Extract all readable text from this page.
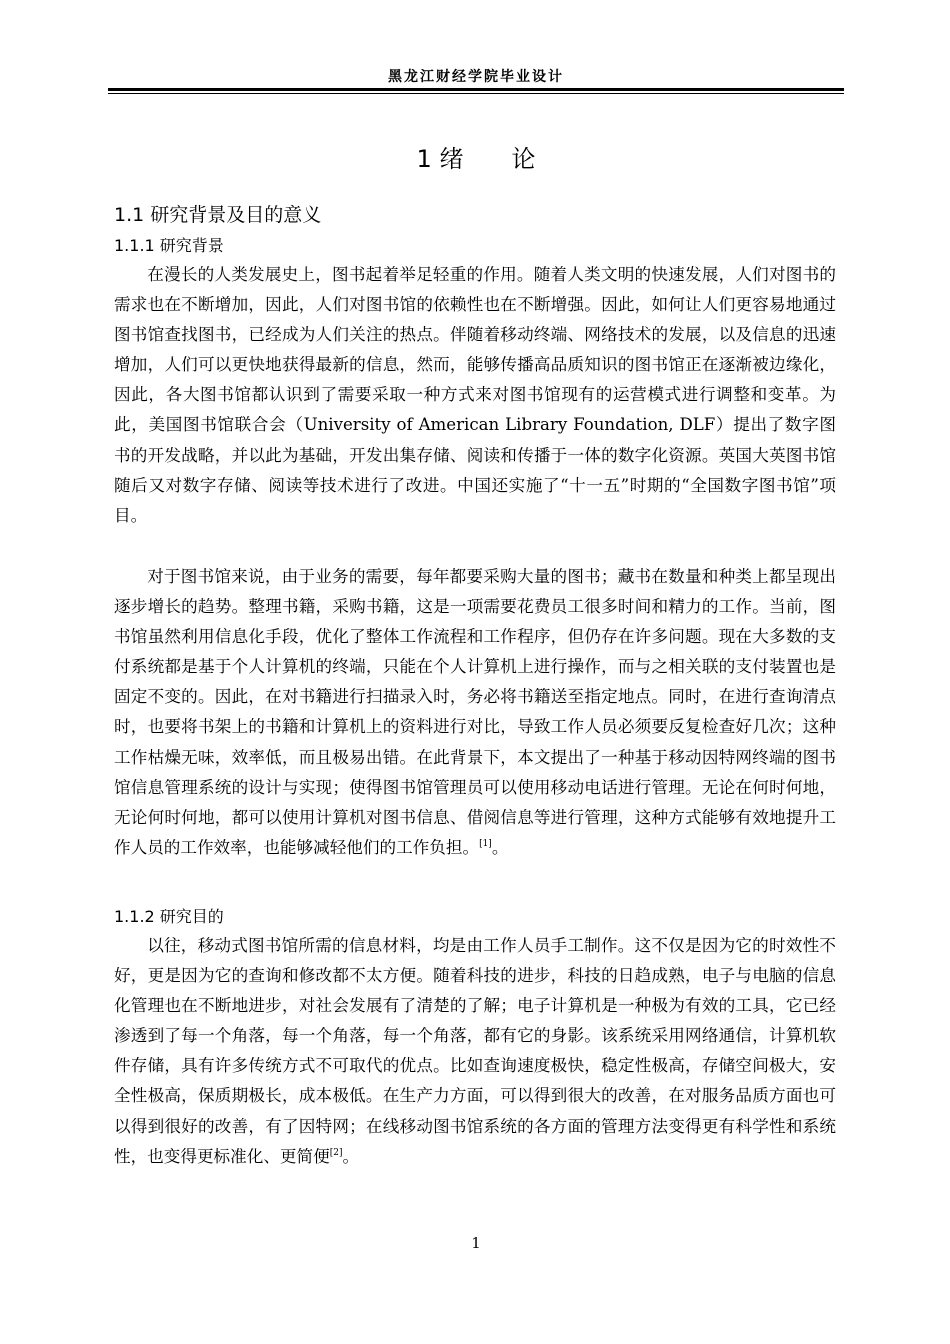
黑龙江财经学院毕业设计
1 绪　　论
1.1 研究背景及目的意义
1.1.1 研究背景

在漫长的人类发展史上，图书起着举足轻重的作用。随着人类文明的快速发展，人们对图书的需求也在不断增加，因此，人们对图书馆的依赖性也在不断增强。因此，如何让人们更容易地通过图书馆查找图书，已经成为人们关注的热点。伴随着移动终端、网络技术的发展，以及信息的迅速增加，人们可以更快地获得最新的信息，然而，能够传播高品质知识的图书馆正在逐渐被边缘化，因此，各大图书馆都认识到了需要采取一种方式来对图书馆现有的运营模式进行调整和变革。为此，美国图书馆联合会（University of American Library Foundation, DLF）提出了数字图书的开发战略，并以此为基础，开发出集存储、阅读和传播于一体的数字化资源。英国大英图书馆随后又对数字存储、阅读等技术进行了改进。中国还实施了“十一五”时期的“全国数字图书馆”项目。

对于图书馆来说，由于业务的需要，每年都要采购大量的图书；藏书在数量和种类上都呈现出逐步增长的趋势。整理书籍，采购书籍，这是一项需要花费员工很多时间和精力的工作。当前，图书馆虽然利用信息化手段，优化了整体工作流程和工作程序，但仍存在许多问题。现在大多数的支付系统都是基于个人计算机的终端，只能在个人计算机上进行操作，而与之相关联的支付装置也是固定不变的。因此，在对书籍进行扫描录入时，务必将书籍送至指定地点。同时，在进行查询清点时，也要将书架上的书籍和计算机上的资料进行对比，导致工作人员必须要反复检查好几次；这种工作枯燥无味，效率低，而且极易出错。在此背景下，本文提出了一种基于移动因特网终端的图书馆信息管理系统的设计与实现；使得图书馆管理员可以使用移动电话进行管理。无论在何时何地，无论何时何地，都可以使用计算机对图书信息、借阅信息等进行管理，这种方式能够有效地提升工作人员的工作效率，也能够减轻他们的工作负担。[1]。

1.1.2 研究目的

以往，移动式图书馆所需的信息材料，均是由工作人员手工制作。这不仅是因为它的时效性不好，更是因为它的查询和修改都不太方便。随着科技的进步，科技的日趋成熟，电子与电脑的信息化管理也在不断地进步，对社会发展有了清楚的了解；电子计算机是一种极为有效的工具，它已经渗透到了每一个角落，每一个角落，每一个角落，都有它的身影。该系统采用网络通信，计算机软件存储，具有许多传统方式不可取代的优点。比如查询速度极快，稳定性极高，存储空间极大，安全性极高，保质期极长，成本极低。在生产力方面，可以得到很大的改善，在对服务品质方面也可以得到很好的改善，有了因特网；在线移动图书馆系统的各方面的管理方法变得更有科学性和系统性，也变得更标准化、更简便[2]。

1
